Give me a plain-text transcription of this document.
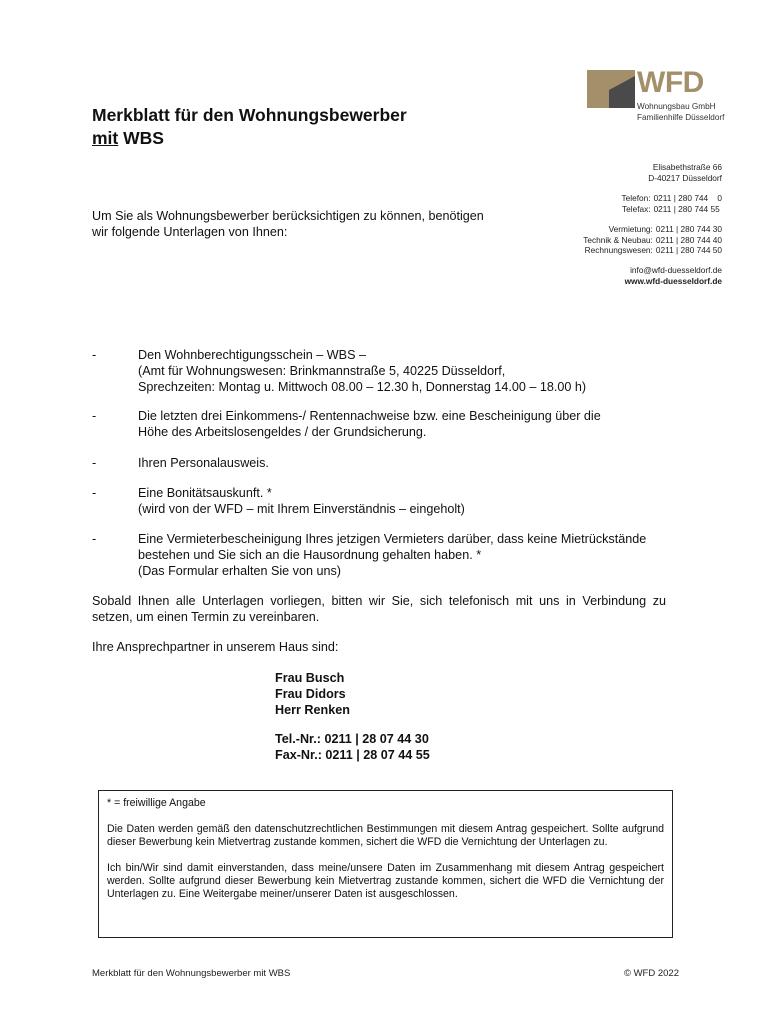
Merkblatt für den Wohnungsbewerber
mit WBS
WFD
Wohnungsbau GmbH
Familienhilfe Düsseldorf
Elisabethstraße 66
D-40217 Düsseldorf
Telefon:	0211 | 280 744    0
Telefax:	0211 | 280 744 55
Vermietung:	0211 | 280 744 30
Technik & Neubau:	0211 | 280 744 40
Rechnungswesen:	0211 | 280 744 50
info@wfd-duesseldorf.de
www.wfd-duesseldorf.de
Um Sie als Wohnungsbewerber berücksichtigen zu können, benötigen wir folgende Unterlagen von Ihnen:
-	Den Wohnberechtigungsschein – WBS –
(Amt für Wohnungswesen: Brinkmannstraße 5, 40225 Düsseldorf,
Sprechzeiten: Montag u. Mittwoch 08.00 – 12.30 h, Donnerstag 14.00 – 18.00 h)
-	Die letzten drei Einkommens-/ Rentennachweise bzw. eine Bescheinigung über die
Höhe des Arbeitslosengeldes / der Grundsicherung.
-	Ihren Personalausweis.
-	Eine Bonitätsauskunft. *
(wird von der WFD – mit Ihrem Einverständnis – eingeholt)
-	Eine Vermieterbescheinigung Ihres jetzigen Vermieters darüber, dass keine Mietrückstände bestehen und Sie sich an die Hausordnung gehalten haben. *
(Das Formular erhalten Sie von uns)
Sobald Ihnen alle Unterlagen vorliegen, bitten wir Sie, sich telefonisch mit uns in Verbindung zu setzen, um einen Termin zu vereinbaren.
Ihre Ansprechpartner in unserem Haus sind:
Frau Busch
Frau Didors
Herr Renken
Tel.-Nr.: 0211 | 28 07 44 30
Fax-Nr.: 0211 | 28 07 44 55

* = freiwillige Angabe

Die Daten werden gemäß den datenschutzrechtlichen Bestimmungen mit diesem Antrag gespeichert. Sollte aufgrund dieser Bewerbung kein Mietvertrag zustande kommen, sichert die WFD die Vernichtung der Unterlagen zu.

Ich bin/Wir sind damit einverstanden, dass meine/unsere Daten im Zusammenhang mit diesem Antrag gespeichert werden. Sollte aufgrund dieser Bewerbung kein Mietvertrag zustande kommen, sichert die WFD die Vernichtung der Unterlagen zu. Eine Weitergabe meiner/unserer Daten ist ausgeschlossen.

Merkblatt für den Wohnungsbewerber mit WBS	© WFD 2022
